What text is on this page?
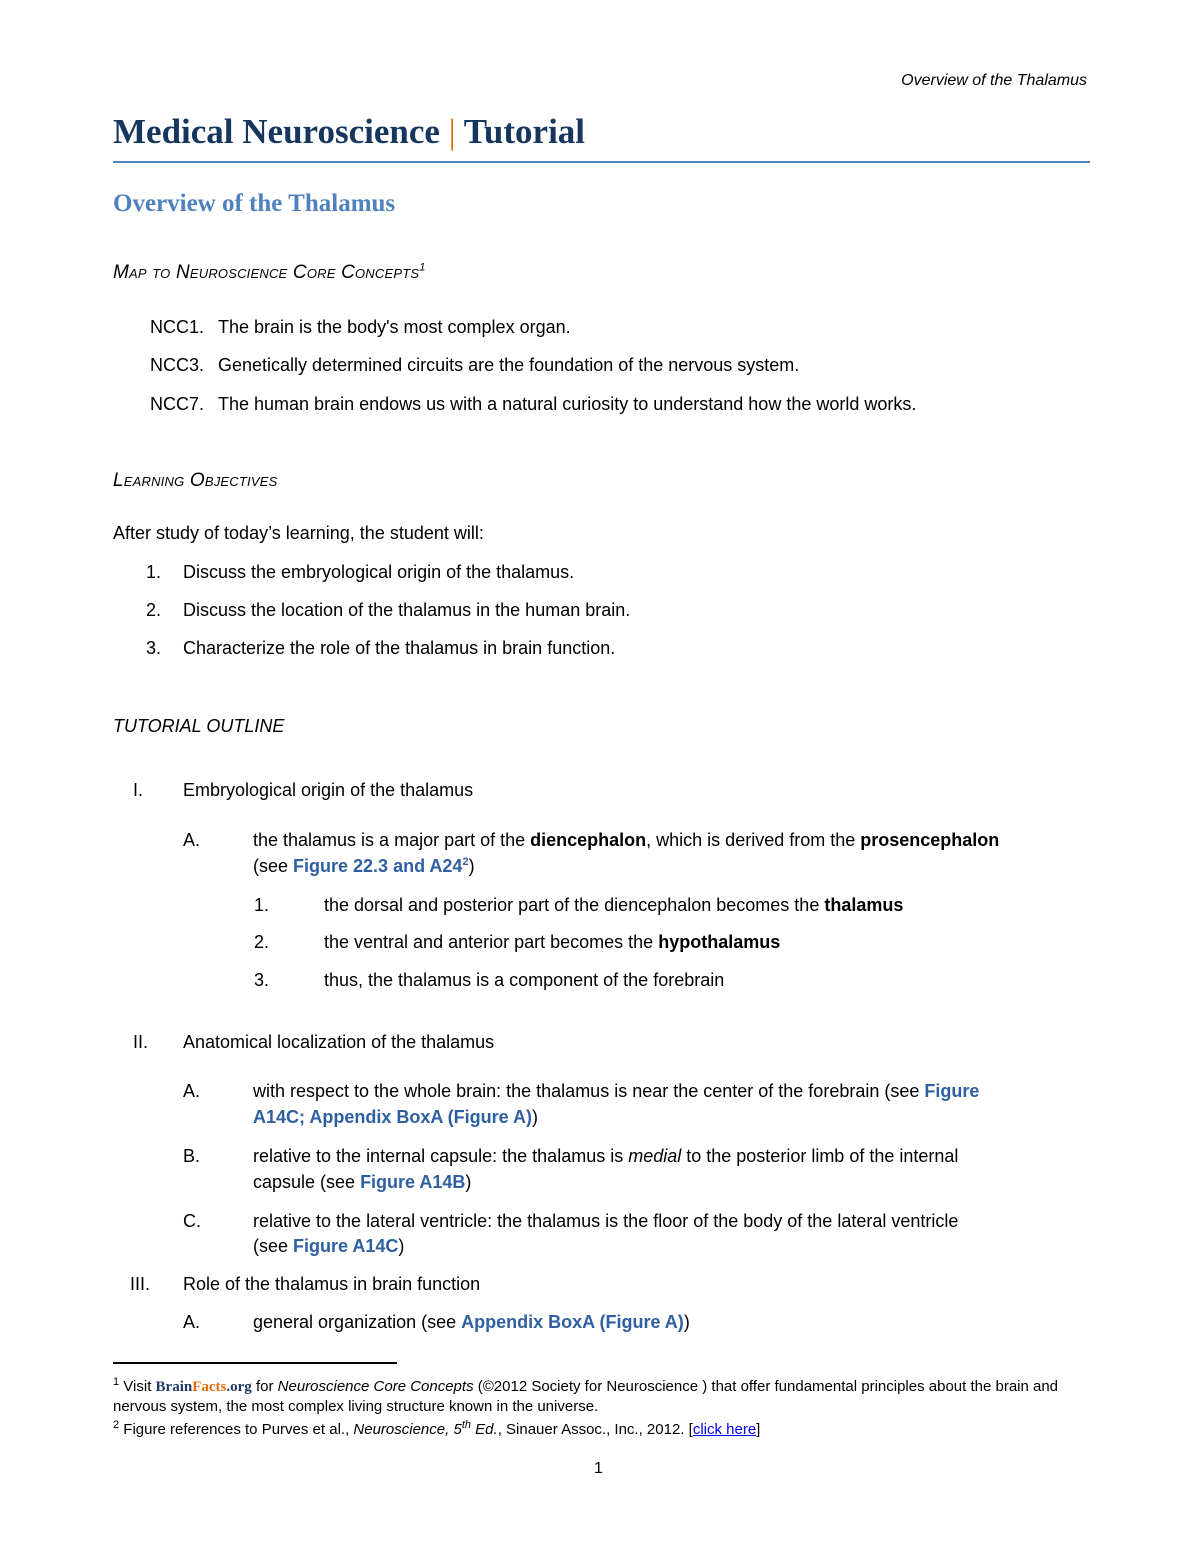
Overview of the Thalamus
Medical Neuroscience | Tutorial
Overview of the Thalamus
Map to Neuroscience Core Concepts$^1$
NCC1. The brain is the body's most complex organ.
NCC3. Genetically determined circuits are the foundation of the nervous system.
NCC7. The human brain endows us with a natural curiosity to understand how the world works.
Learning Objectives
After study of today’s learning, the student will:
1. Discuss the embryological origin of the thalamus.
2. Discuss the location of the thalamus in the human brain.
3. Characterize the role of the thalamus in brain function.
TUTORIAL OUTLINE
I. Embryological origin of the thalamus
A.	the thalamus is a major part of the diencephalon, which is derived from the prosencephalon
(see Figure 22.3 and $A24^2$)
1.	the dorsal and posterior part of the diencephalon becomes the thalamus
2.	the ventral and anterior part becomes the hypothalamus
3.	thus, the thalamus is a component of the forebrain
II. Anatomical localization of the thalamus
A.	with respect to the whole brain: the thalamus is near the center of the forebrain (see Figure
A14C; Appendix BoxA (Figure A))
B.	relative to the internal capsule: the thalamus is medial to the posterior limb of the internal
capsule (see Figure A14B)
C.	relative to the lateral ventricle: the thalamus is the floor of the body of the lateral ventricle
(see Figure A14C)
III. Role of the thalamus in brain function
A.	general organization (see Appendix BoxA (Figure A))
$^1$ Visit BrainFacts.org for Neuroscience Core Concepts (©2012 Society for Neuroscience ) that offer fundamental principles about the brain and nervous system, the most complex living structure known in the universe.
$^2$ Figure references to Purves et al., Neuroscience, 5th Ed., Sinauer Assoc., Inc., 2012. [click here]
1
